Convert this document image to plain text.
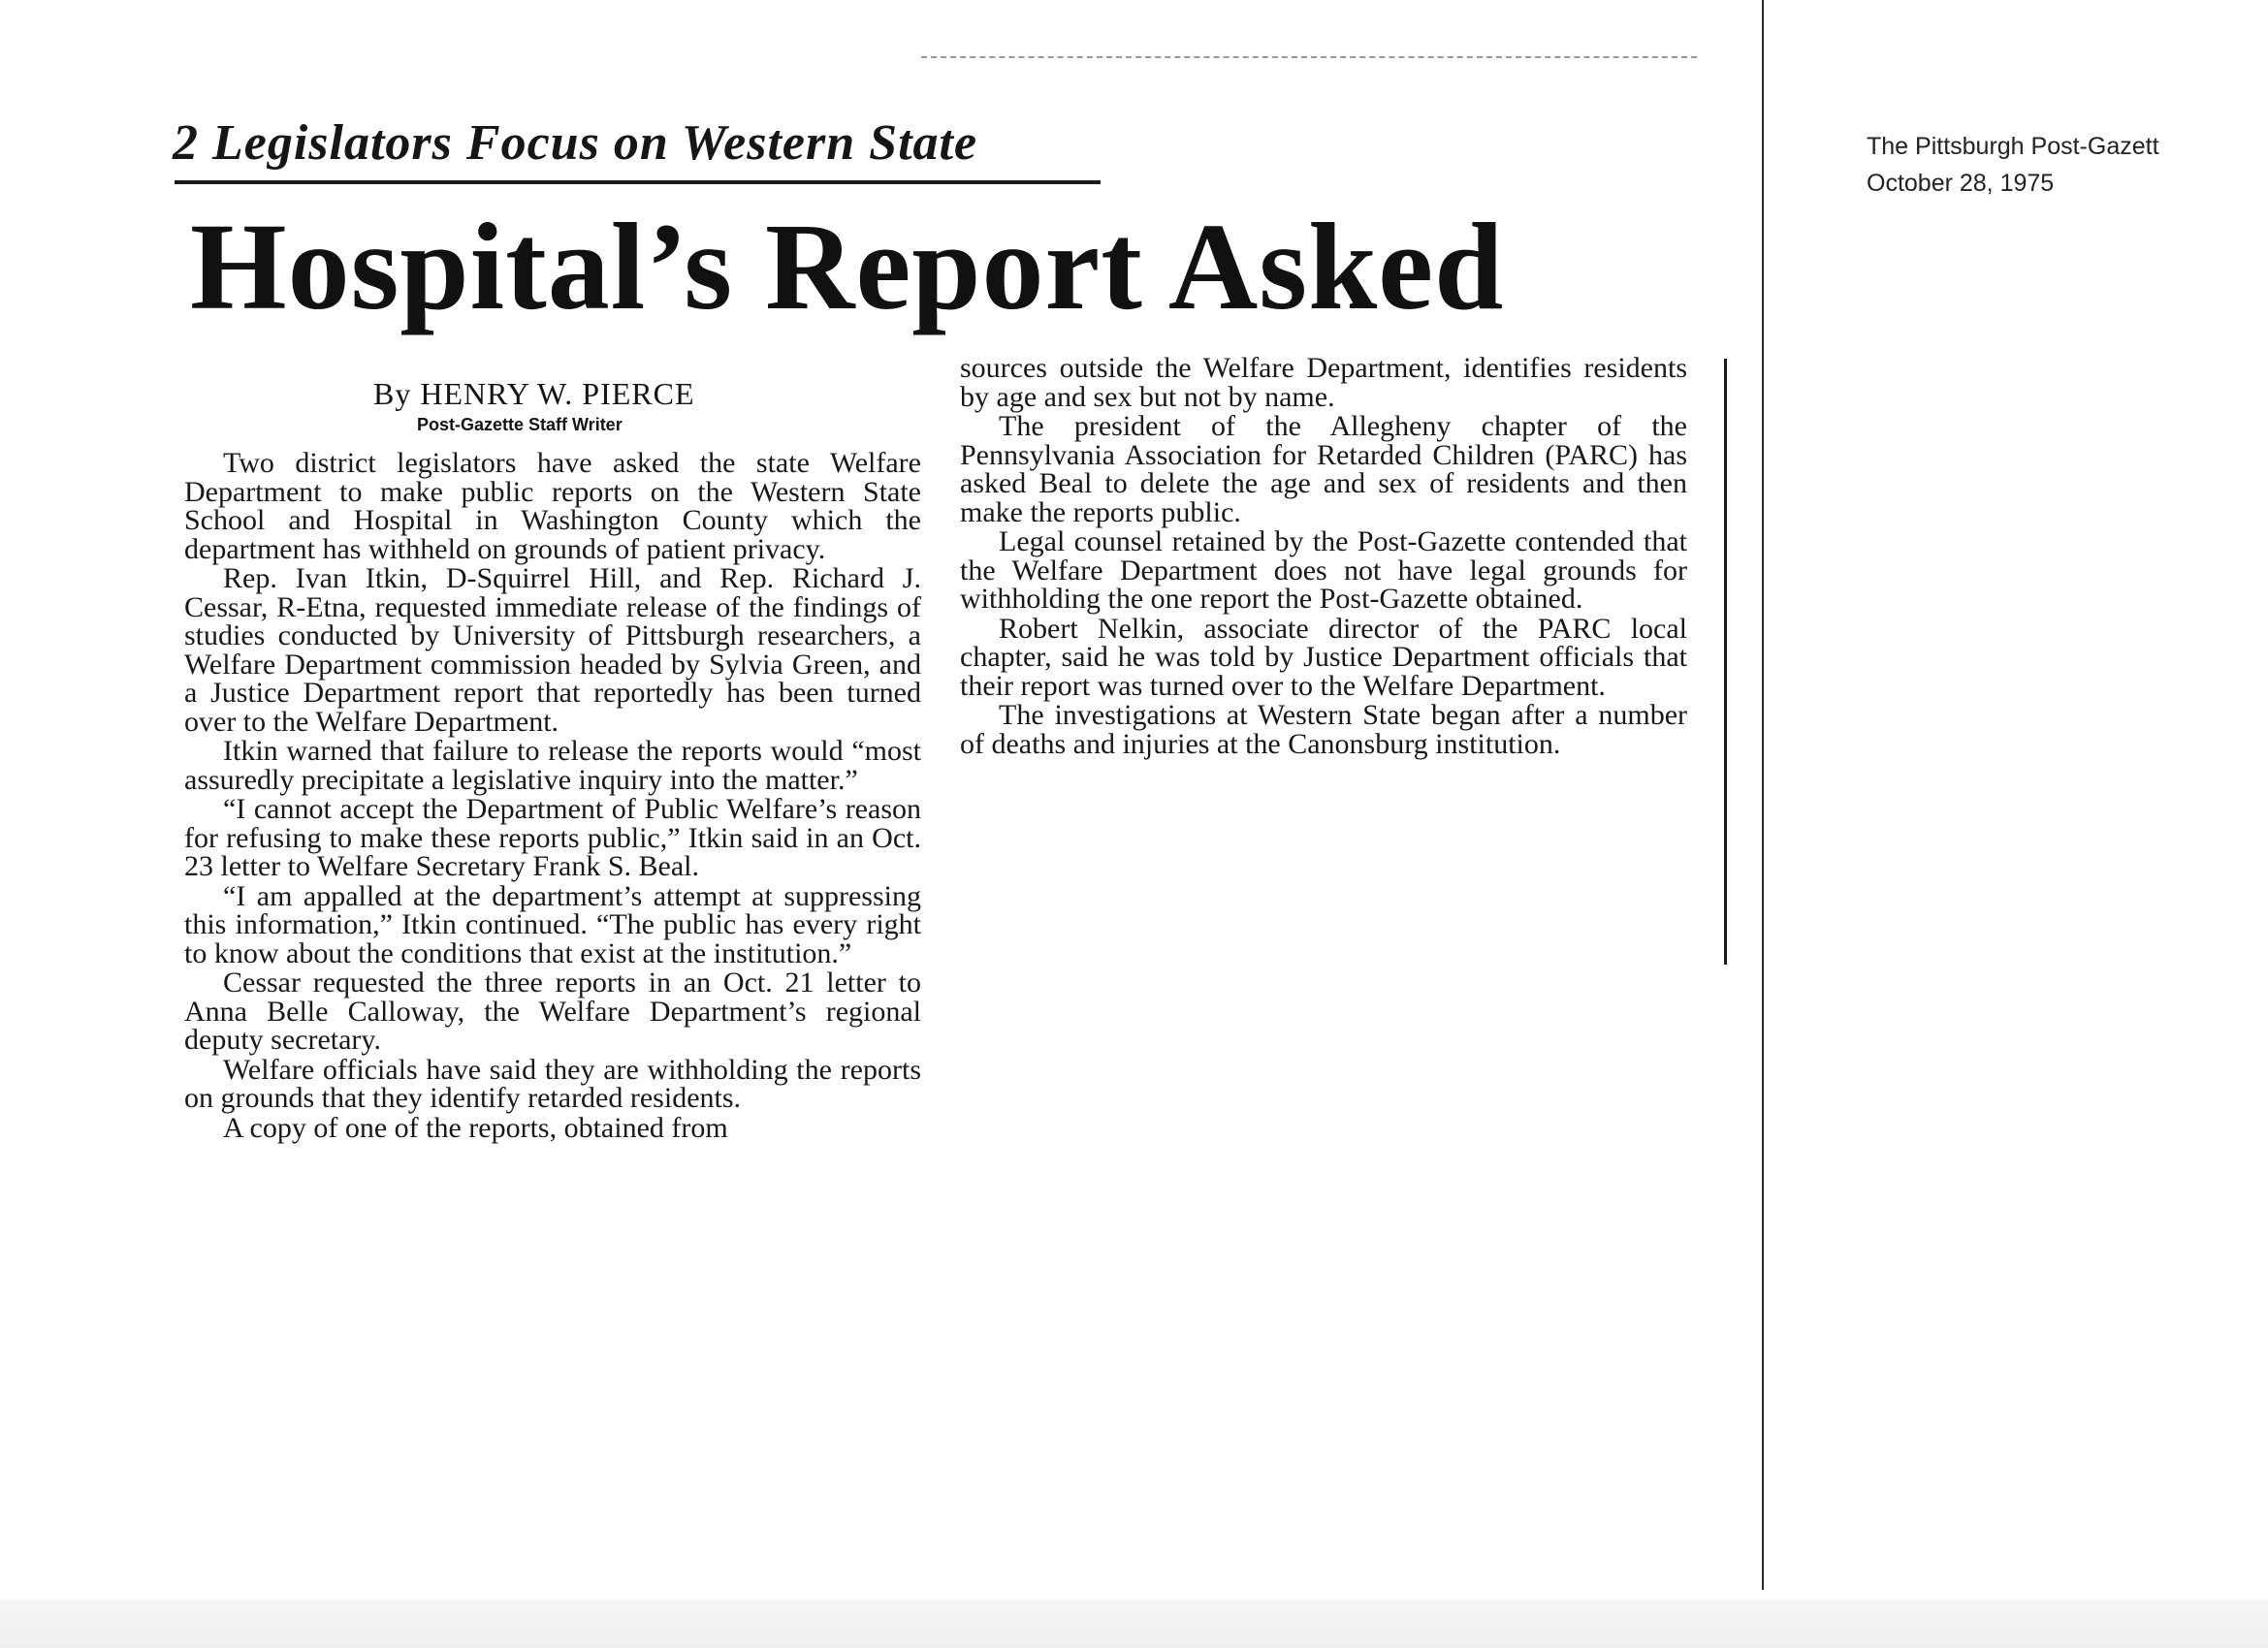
The Pittsburgh Post-Gazett
October 28, 1975
2 Legislators Focus on Western State
Hospital’s Report Asked
By HENRY W. PIERCE
Post-Gazette Staff Writer

Two district legislators have asked the state Welfare Department to make public reports on the Western State School and Hospital in Washington County which the department has withheld on grounds of patient privacy.

Rep. Ivan Itkin, D-Squirrel Hill, and Rep. Richard J. Cessar, R-Etna, requested immediate release of the findings of studies conducted by University of Pittsburgh researchers, a Welfare Department commission headed by Sylvia Green, and a Justice Department report that reportedly has been turned over to the Welfare Department.

Itkin warned that failure to release the reports would “most assuredly precipitate a legislative inquiry into the matter.”

“I cannot accept the Department of Public Welfare’s reason for refusing to make these reports public,” Itkin said in an Oct. 23 letter to Welfare Secretary Frank S. Beal.

“I am appalled at the department’s attempt at suppressing this information,” Itkin continued. “The public has every right to know about the conditions that exist at the institution.”

Cessar requested the three reports in an Oct. 21 letter to Anna Belle Calloway, the Welfare Department’s regional deputy secretary.

Welfare officials have said they are withholding the reports on grounds that they identify retarded residents.

A copy of one of the reports, obtained from

sources outside the Welfare Department, identifies residents by age and sex but not by name.

The president of the Allegheny chapter of the Pennsylvania Association for Retarded Children (PARC) has asked Beal to delete the age and sex of residents and then make the reports public.

Legal counsel retained by the Post-Gazette contended that the Welfare Department does not have legal grounds for withholding the one report the Post-Gazette obtained.

Robert Nelkin, associate director of the PARC local chapter, said he was told by Justice Department officials that their report was turned over to the Welfare Department.

The investigations at Western State began after a number of deaths and injuries at the Canonsburg institution.
